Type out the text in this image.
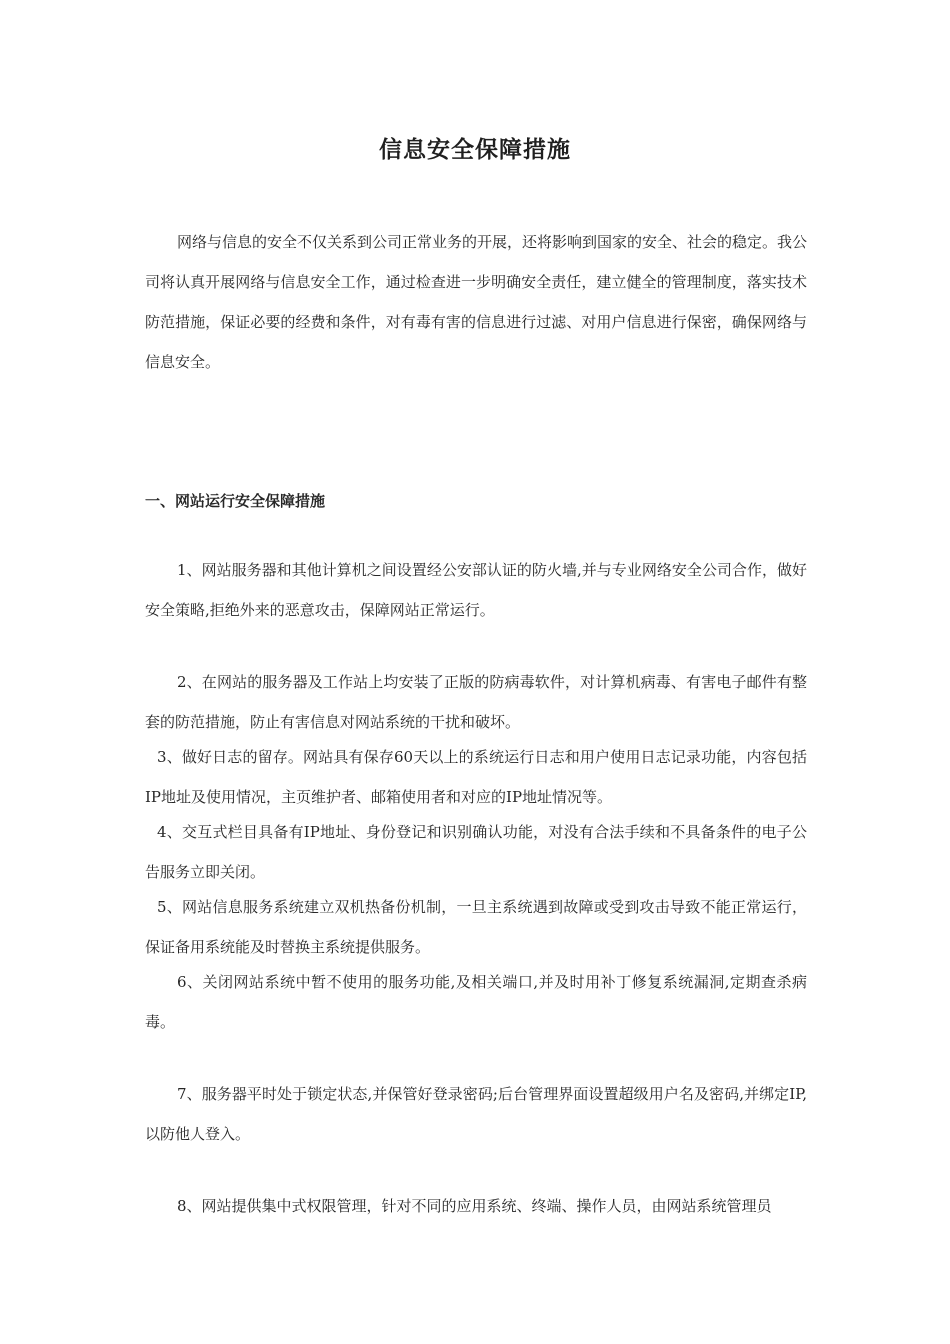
信息安全保障措施

网络与信息的安全不仅关系到公司正常业务的开展，还将影响到国家的安全、社会的稳定。我公司将认真开展网络与信息安全工作，通过检查进一步明确安全责任，建立健全的管理制度，落实技术防范措施，保证必要的经费和条件，对有毒有害的信息进行过滤、对用户信息进行保密，确保网络与信息安全。

一、网站运行安全保障措施

1、网站服务器和其他计算机之间设置经公安部认证的防火墙,并与专业网络安全公司合作，做好安全策略,拒绝外来的恶意攻击，保障网站正常运行。

2、在网站的服务器及工作站上均安装了正版的防病毒软件，对计算机病毒、有害电子邮件有整套的防范措施，防止有害信息对网站系统的干扰和破坏。

3、做好日志的留存。网站具有保存60天以上的系统运行日志和用户使用日志记录功能，内容包括IP地址及使用情况，主页维护者、邮箱使用者和对应的IP地址情况等。

4、交互式栏目具备有IP地址、身份登记和识别确认功能，对没有合法手续和不具备条件的电子公告服务立即关闭。

5、网站信息服务系统建立双机热备份机制，一旦主系统遇到故障或受到攻击导致不能正常运行，保证备用系统能及时替换主系统提供服务。

6、关闭网站系统中暂不使用的服务功能,及相关端口,并及时用补丁修复系统漏洞,定期查杀病毒。

7、服务器平时处于锁定状态,并保管好登录密码;后台管理界面设置超级用户名及密码,并绑定IP,以防他人登入。

8、网站提供集中式权限管理，针对不同的应用系统、终端、操作人员，由网站系统管理员
